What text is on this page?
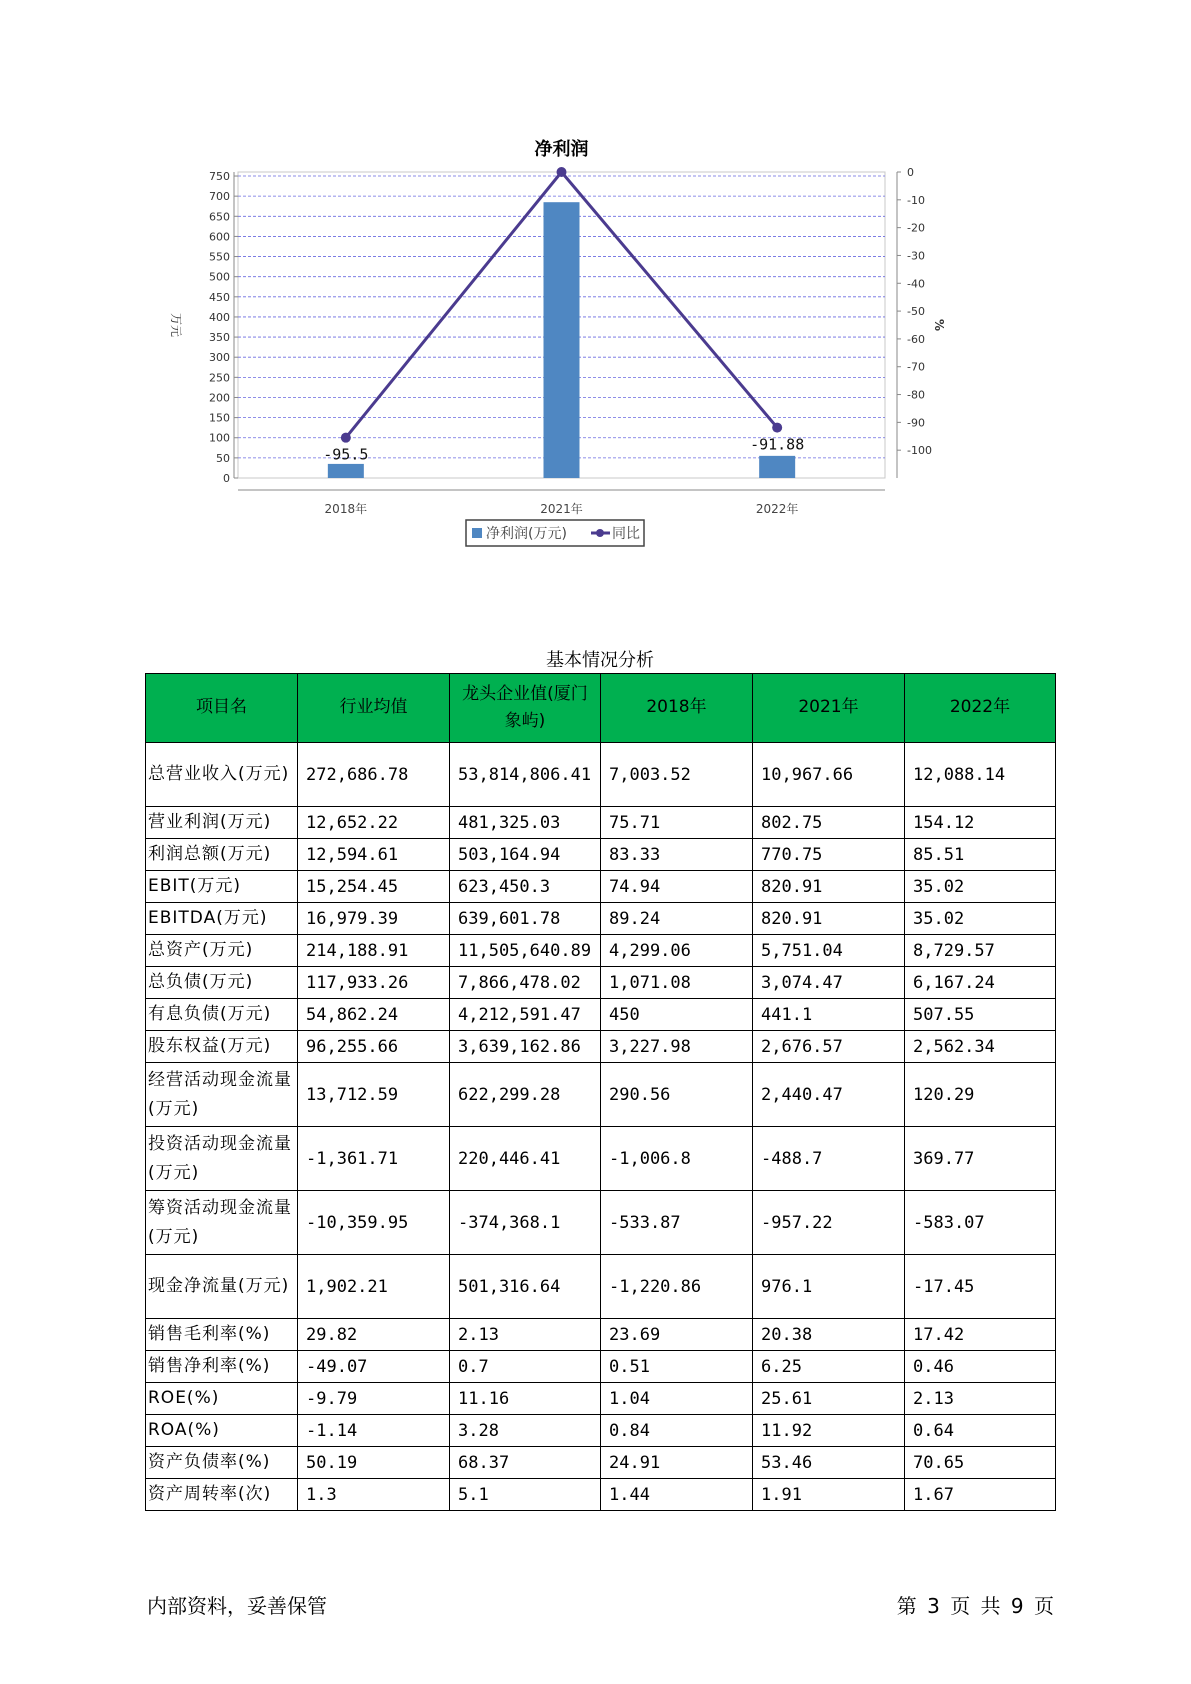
净利润
0
50
100
150
200
250
300
350
400
450
500
550
600
650
700
750	0
-10
-20
-30
-40
-50
-60
-70
-80
-90
-100
万元	%
2018年	2021年	2022年
-95.5
-91.88
净利润(万元)	同比
基本情况分析
项目名	行业均值	龙头企业值(厦门象屿)	2018年	2021年	2022年
总营业收入(万元)	272,686.78	53,814,806.41	7,003.52	10,967.66	12,088.14
营业利润(万元)	12,652.22	481,325.03	75.71	802.75	154.12
利润总额(万元)	12,594.61	503,164.94	83.33	770.75	85.51
EBIT(万元)	15,254.45	623,450.3	74.94	820.91	35.02
EBITDA(万元)	16,979.39	639,601.78	89.24	820.91	35.02
总资产(万元)	214,188.91	11,505,640.89	4,299.06	5,751.04	8,729.57
总负债(万元)	117,933.26	7,866,478.02	1,071.08	3,074.47	6,167.24
有息负债(万元)	54,862.24	4,212,591.47	450	441.1	507.55
股东权益(万元)	96,255.66	3,639,162.86	3,227.98	2,676.57	2,562.34
经营活动现金流量(万元)	13,712.59	622,299.28	290.56	2,440.47	120.29
投资活动现金流量(万元)	-1,361.71	220,446.41	-1,006.8	-488.7	369.77
筹资活动现金流量(万元)	-10,359.95	-374,368.1	-533.87	-957.22	-583.07
现金净流量(万元)	1,902.21	501,316.64	-1,220.86	976.1	-17.45
销售毛利率(%)	29.82	2.13	23.69	20.38	17.42
销售净利率(%)	-49.07	0.7	0.51	6.25	0.46
ROE(%)	-9.79	11.16	1.04	25.61	2.13
ROA(%)	-1.14	3.28	0.84	11.92	0.64
资产负债率(%)	50.19	68.37	24.91	53.46	70.65
资产周转率(次)	1.3	5.1	1.44	1.91	1.67
内部资料，妥善保管	第 3 页 共 9 页
